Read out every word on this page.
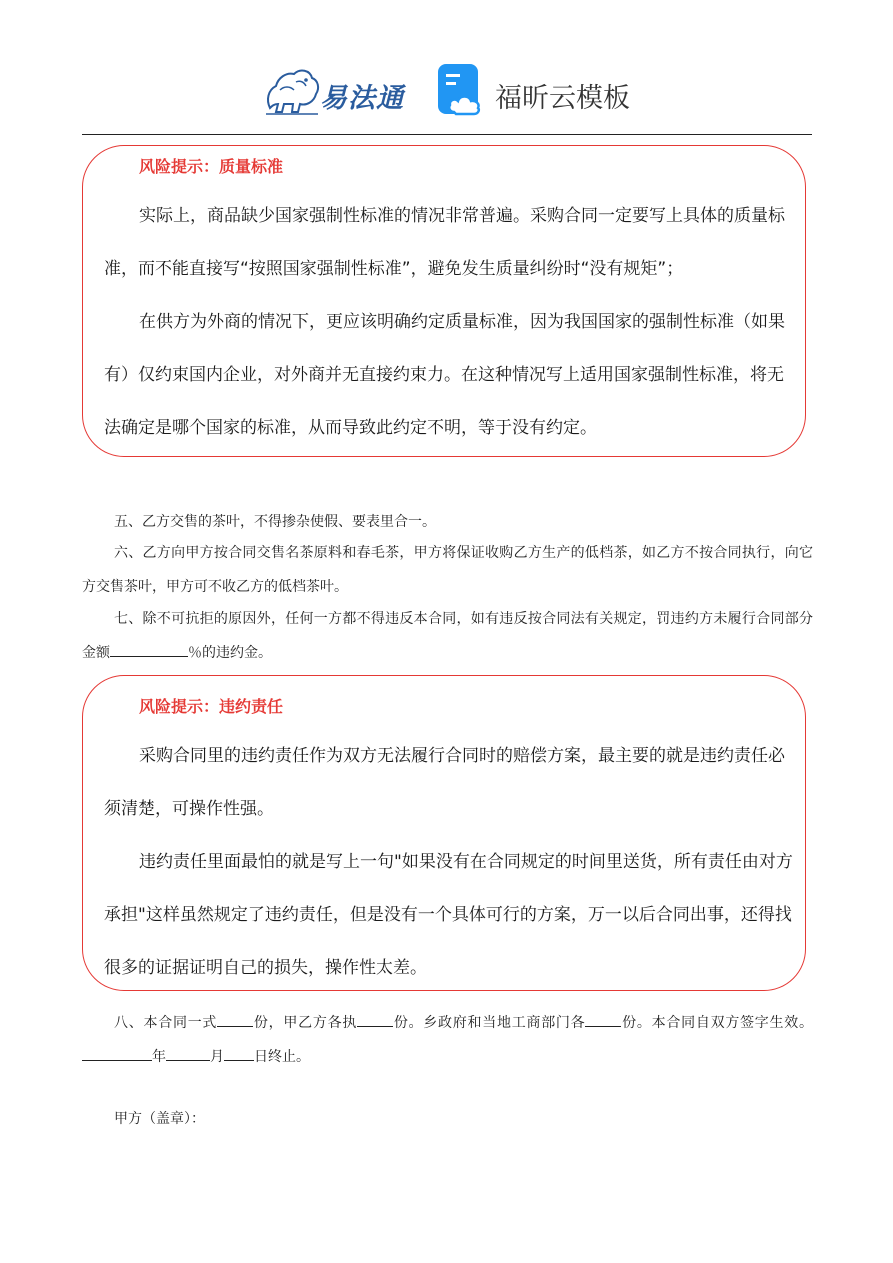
易法通	福昕云模板
风险提示：质量标准

实际上，商品缺少国家强制性标准的情况非常普遍。采购合同一定要写上具体的质量标准，而不能直接写“按照国家强制性标准”，避免发生质量纠纷时“没有规矩”；

在供方为外商的情况下，更应该明确约定质量标准，因为我国国家的强制性标准（如果有）仅约束国内企业，对外商并无直接约束力。在这种情况写上适用国家强制性标准，将无法确定是哪个国家的标准，从而导致此约定不明，等于没有约定。

五、乙方交售的茶叶，不得掺杂使假、要表里合一。

六、乙方向甲方按合同交售名茶原料和春毛茶，甲方将保证收购乙方生产的低档茶，如乙方不按合同执行，向它方交售茶叶，甲方可不收乙方的低档茶叶。

七、除不可抗拒的原因外，任何一方都不得违反本合同，如有违反按合同法有关规定，罚违约方未履行合同部分金额	％的违约金。

风险提示：违约责任

采购合同里的违约责任作为双方无法履行合同时的赔偿方案，最主要的就是违约责任必须清楚，可操作性强。

违约责任里面最怕的就是写上一句"如果没有在合同规定的时间里送货，所有责任由对方承担"这样虽然规定了违约责任，但是没有一个具体可行的方案，万一以后合同出事，还得找很多的证据证明自己的损失，操作性太差。

八、本合同一式	份，甲乙方各执	份。乡政府和当地工商部门各	份。本合同自双方签字生效。年	月 日终止。

甲方（盖章）：
